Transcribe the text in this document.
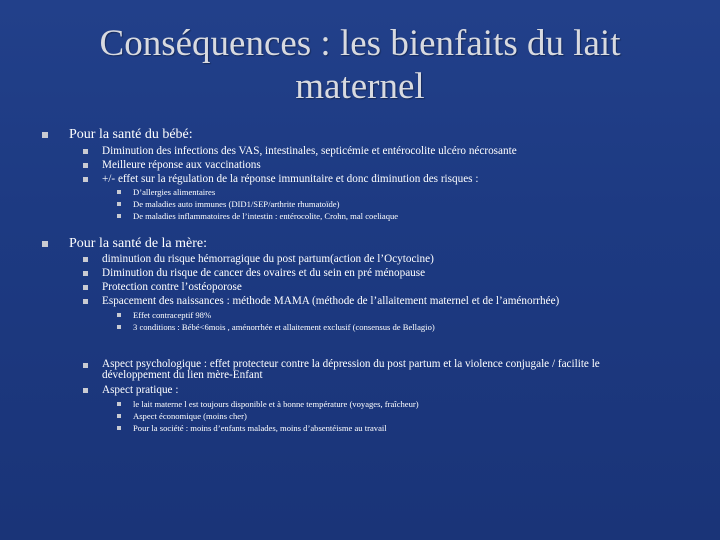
Conséquences : les bienfaits du lait maternel
Pour la santé du bébé:
Diminution des infections des VAS, intestinales, septicémie et entérocolite ulcéro nécrosante
Meilleure réponse aux vaccinations
+/- effet sur la régulation de la réponse immunitaire et donc diminution des risques :
D’allergies alimentaires
De maladies auto immunes (DID1/SEP/arthrite rhumatoïde)
De maladies inflammatoires de l’intestin : entérocolite, Crohn, mal coeliaque
Pour la santé de la mère:
diminution du risque hémorragique du post partum(action de l’Ocytocine)
Diminution du risque de cancer des ovaires et du sein en pré ménopause
Protection contre l’ostéoporose
Espacement des naissances : méthode MAMA (méthode de l’allaitement maternel et de l’aménorrhée)
Effet contraceptif 98%
3 conditions : Bébé<6mois , aménorrhée et allaitement exclusif (consensus de Bellagio)
Aspect psychologique : effet protecteur contre la dépression du post partum et la violence conjugale / facilite le développement du lien mère-Enfant
Aspect pratique :
le lait materne l est toujours disponible et à bonne température (voyages, fraîcheur)
Aspect économique (moins cher)
Pour la société : moins d’enfants malades, moins d’absentéisme au travail
